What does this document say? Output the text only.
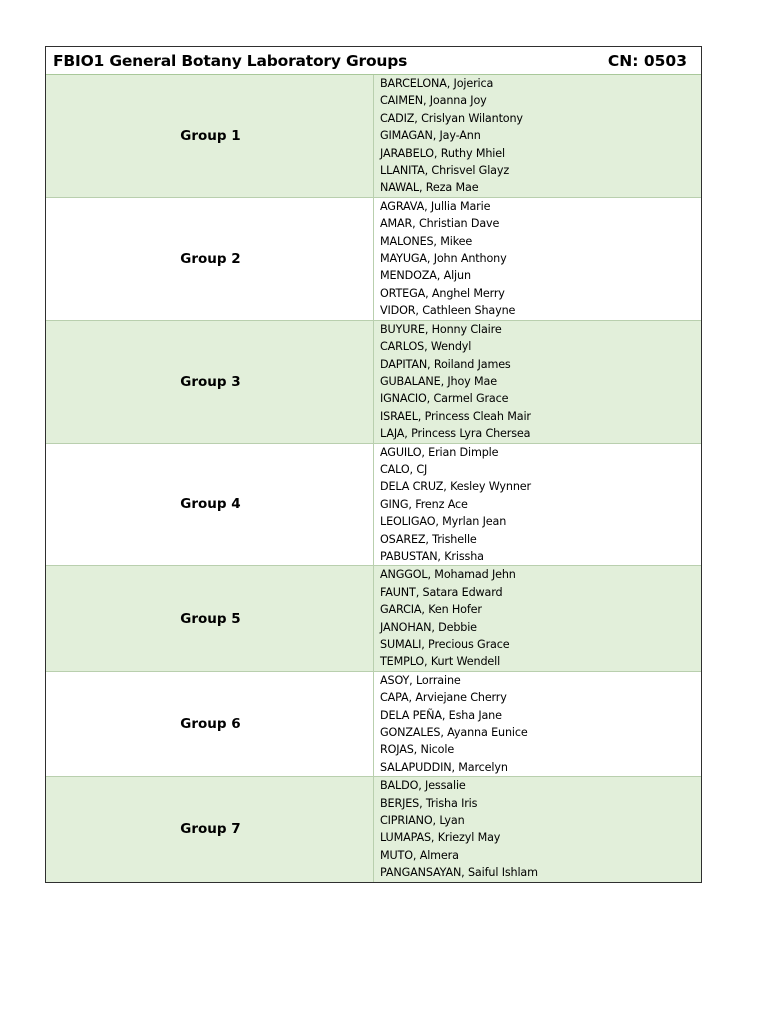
FBIO1 General Botany Laboratory Groups	CN: 0503
Group 1
BARCELONA, Jojerica
CAIMEN, Joanna Joy
CADIZ, Crislyan Wilantony
GIMAGAN, Jay-Ann
JARABELO, Ruthy Mhiel
LLANITA, Chrisvel Glayz
NAWAL, Reza Mae
Group 2
AGRAVA, Jullia Marie
AMAR, Christian Dave
MALONES, Mikee
MAYUGA, John Anthony
MENDOZA, Aljun
ORTEGA, Anghel Merry
VIDOR, Cathleen Shayne
Group 3
BUYURE, Honny Claire
CARLOS, Wendyl
DAPITAN, Roiland James
GUBALANE, Jhoy Mae
IGNACIO, Carmel Grace
ISRAEL, Princess Cleah Mair
LAJA, Princess Lyra Chersea
Group 4
AGUILO, Erian Dimple
CALO, CJ
DELA CRUZ, Kesley Wynner
GING, Frenz Ace
LEOLIGAO, Myrlan Jean
OSAREZ, Trishelle
PABUSTAN, Krissha
Group 5
ANGGOL, Mohamad Jehn
FAUNT, Satara Edward
GARCIA, Ken Hofer
JANOHAN, Debbie
SUMALI, Precious Grace
TEMPLO, Kurt Wendell
Group 6
ASOY, Lorraine
CAPA, Arviejane Cherry
DELA PEÑA, Esha Jane
GONZALES, Ayanna Eunice
ROJAS, Nicole
SALAPUDDIN, Marcelyn
Group 7
BALDO, Jessalie
BERJES, Trisha Iris
CIPRIANO, Lyan
LUMAPAS, Kriezyl May
MUTO, Almera
PANGANSAYAN, Saiful Ishlam
